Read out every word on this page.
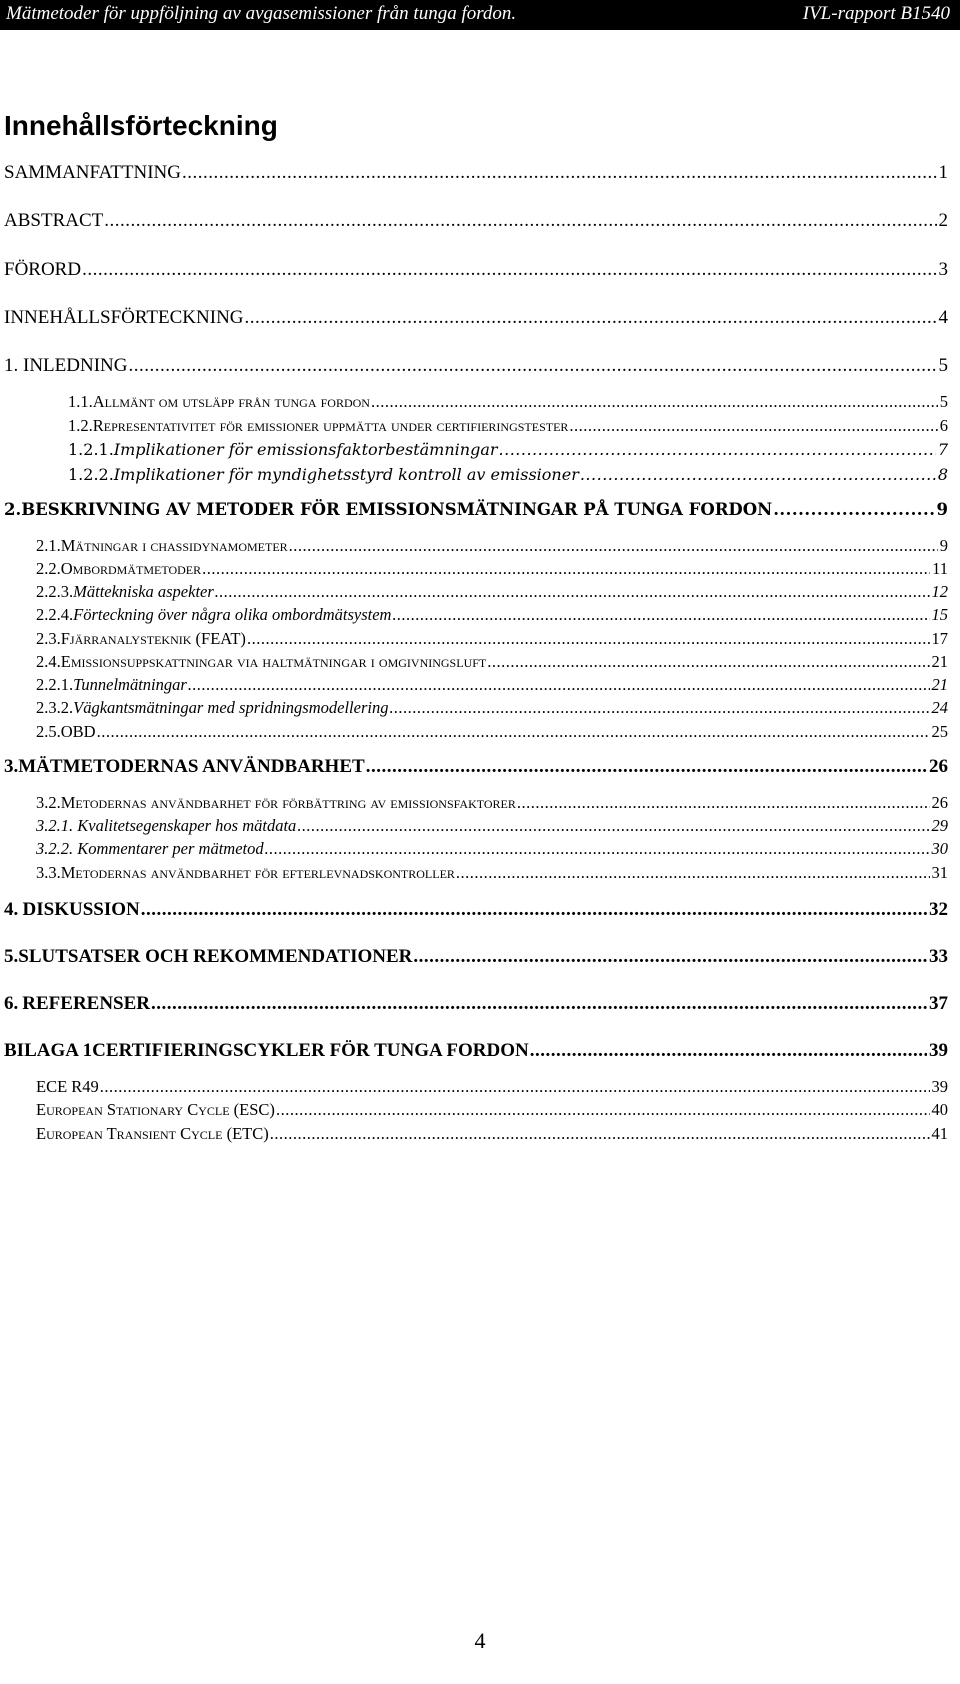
Mätmetoder för uppföljning av avgasemissioner från tunga fordon.	IVL-rapport B1540
Innehållsförteckning
SAMMANFATTNING .....	1
ABSTRACT .....	2
FÖRORD .....	3
INNEHÅLLSFÖRTECKNING .....	4
1. INLEDNING .....	5
1.1. Allmänt om utsläpp från tunga fordon .....	5
1.2. Representativitet för emissioner uppmätta under certifieringstester .....	6
1.2.1. Implikationer för emissionsfaktorbestämningar .....	7
1.2.2. Implikationer för myndighetsstyrd kontroll av emissioner .....	8
2. BESKRIVNING AV METODER FÖR EMISSIONSMÄTNINGAR PÅ TUNGA FORDON .....	9
2.1. Mätningar i chassidynamometer .....	9
2.2. Ombordmätmetoder .....	11
2.2.3. Mättekniska aspekter .....	12
2.2.4. Förteckning över några olika ombordmätsystem .....	15
2.3. Fjärranalysteknik (FEAT) .....	17
2.4. Emissionsuppskattningar via haltmätningar i omgivningsluft .....	21
2.2.1. Tunnelmätningar .....	21
2.3.2. Vägkantsmätningar med spridningsmodellering .....	24
2.5. OBD .....	25
3. MÄTMETODERNAS ANVÄNDBARHET .....	26
3.2. Metodernas användbarhet för förbättring av emissionsfaktorer .....	26
3.2.1. Kvalitetsegenskaper hos mätdata .....	29
3.2.2. Kommentarer per mätmetod .....	30
3.3. Metodernas användbarhet för efterlevnadskontroller .....	31
4. DISKUSSION .....	32
5. SLUTSATSER OCH REKOMMENDATIONER .....	33
6. REFERENSER .....	37
BILAGA 1 CERTIFIERINGSCYKLER FÖR TUNGA FORDON .....	39
ECE R49 .....	39
European Stationary Cycle (ESC) .....	40
European Transient Cycle (ETC) .....	41
4
